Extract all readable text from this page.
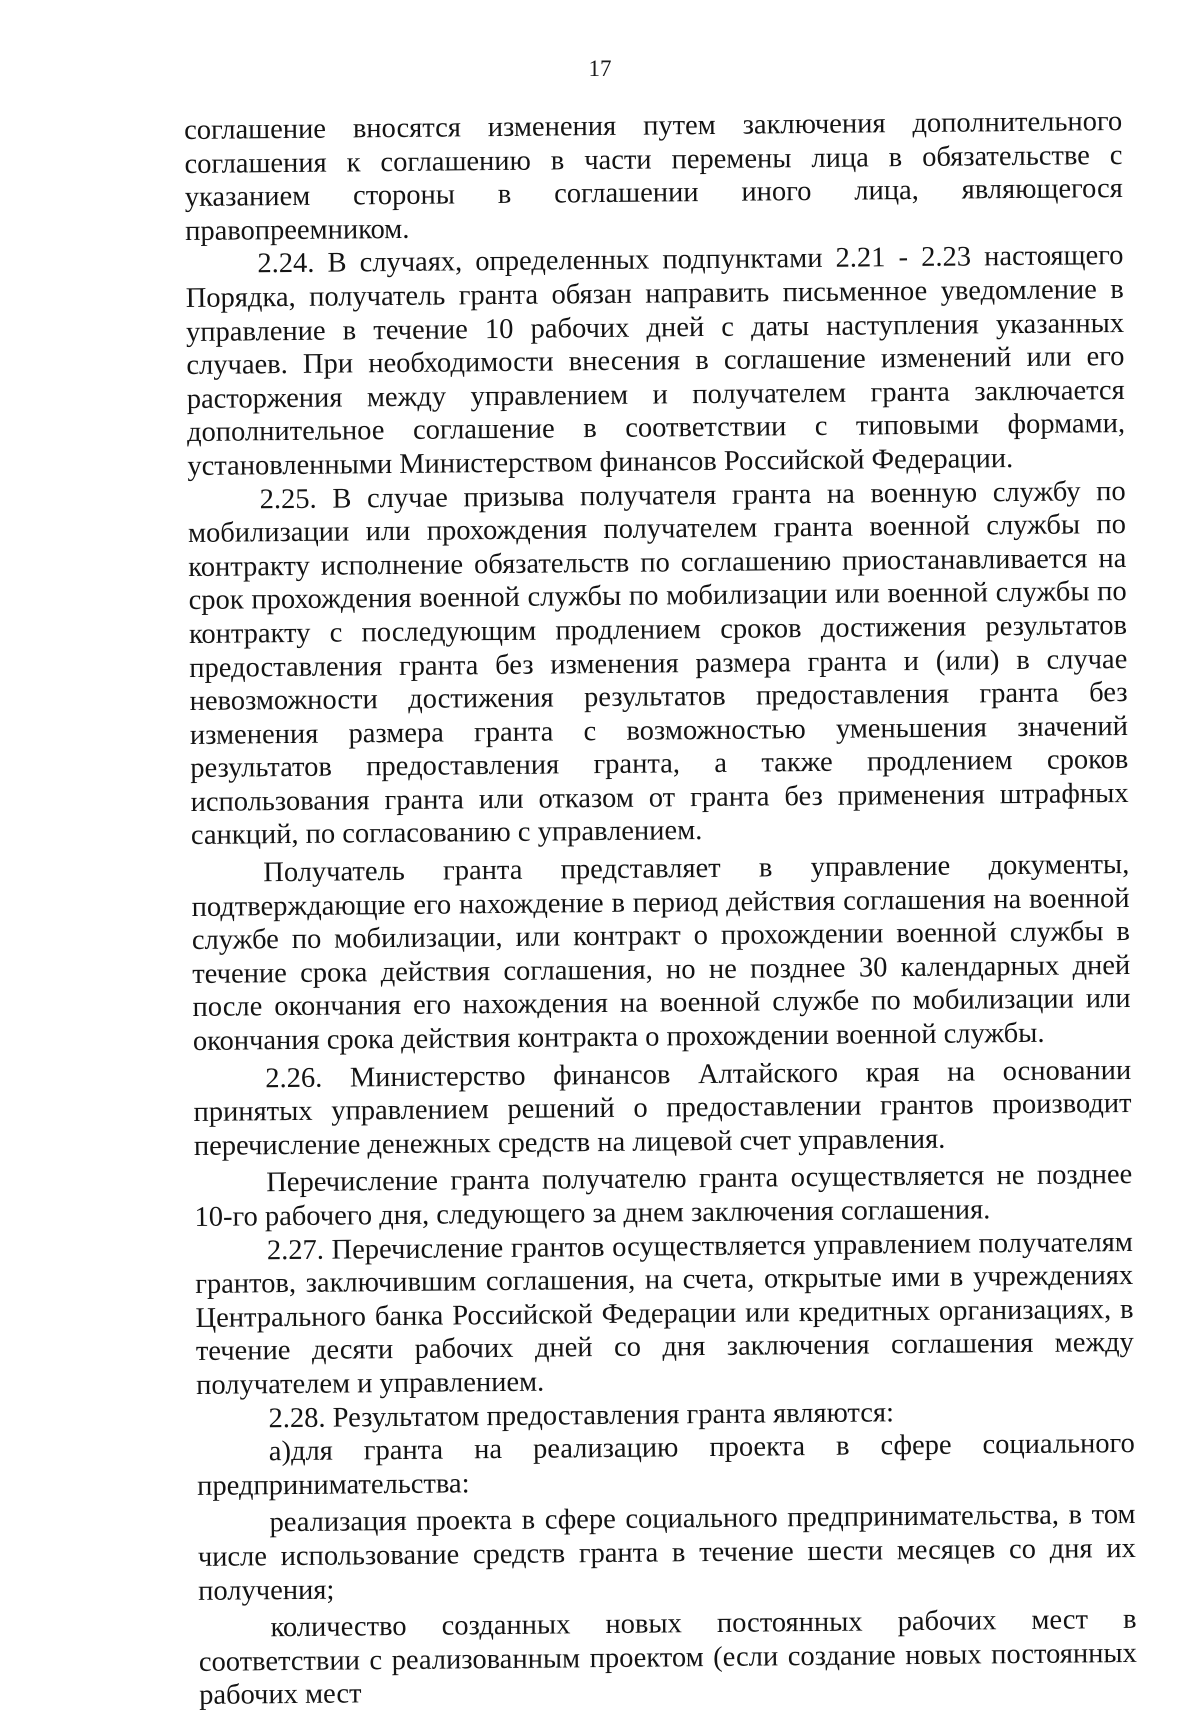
17

соглашение вносятся изменения путем заключения дополнительного соглашения к соглашению в части перемены лица в обязательстве с указанием стороны в соглашении иного лица, являющегося правопреемником.

2.24. В случаях, определенных подпунктами 2.21 - 2.23 настоящего Порядка, получатель гранта обязан направить письменное уведомление в управление в течение 10 рабочих дней с даты наступления указанных случаев. При необходимости внесения в соглашение изменений или его расторжения между управлением и получателем гранта заключается дополнительное соглашение в соответствии с типовыми формами, установленными Министерством финансов Российской Федерации.

2.25. В случае призыва получателя гранта на военную службу по мобилизации или прохождения получателем гранта военной службы по контракту исполнение обязательств по соглашению приостанавливается на срок прохождения военной службы по мобилизации или военной службы по контракту с последующим продлением сроков достижения результатов предоставления гранта без изменения размера гранта и (или) в случае невозможности достижения результатов предоставления гранта без изменения размера гранта с возможностью уменьшения значений результатов предоставления гранта, а также продлением сроков использования гранта или отказом от гранта без применения штрафных санкций, по согласованию с управлением.

Получатель гранта представляет в управление документы, подтверждающие его нахождение в период действия соглашения на военной службе по мобилизации, или контракт о прохождении военной службы в течение срока действия соглашения, но не позднее 30 календарных дней после окончания его нахождения на военной службе по мобилизации или окончания срока действия контракта о прохождении военной службы.

2.26. Министерство финансов Алтайского края на основании принятых управлением решений о предоставлении грантов производит перечисление денежных средств на лицевой счет управления.

Перечисление гранта получателю гранта осуществляется не позднее 10-го рабочего дня, следующего за днем заключения соглашения.

2.27. Перечисление грантов осуществляется управлением получателям грантов, заключившим соглашения, на счета, открытые ими в учреждениях Центрального банка Российской Федерации или кредитных организациях, в течение десяти рабочих дней со дня заключения соглашения между получателем и управлением.

2.28. Результатом предоставления гранта являются:

а)для гранта на реализацию проекта в сфере социального предпринимательства:

реализация проекта в сфере социального предпринимательства, в том числе использование средств гранта в течение шести месяцев со дня их получения;

количество созданных новых постоянных рабочих мест в соответствии с реализованным проектом (если создание новых постоянных рабочих мест
